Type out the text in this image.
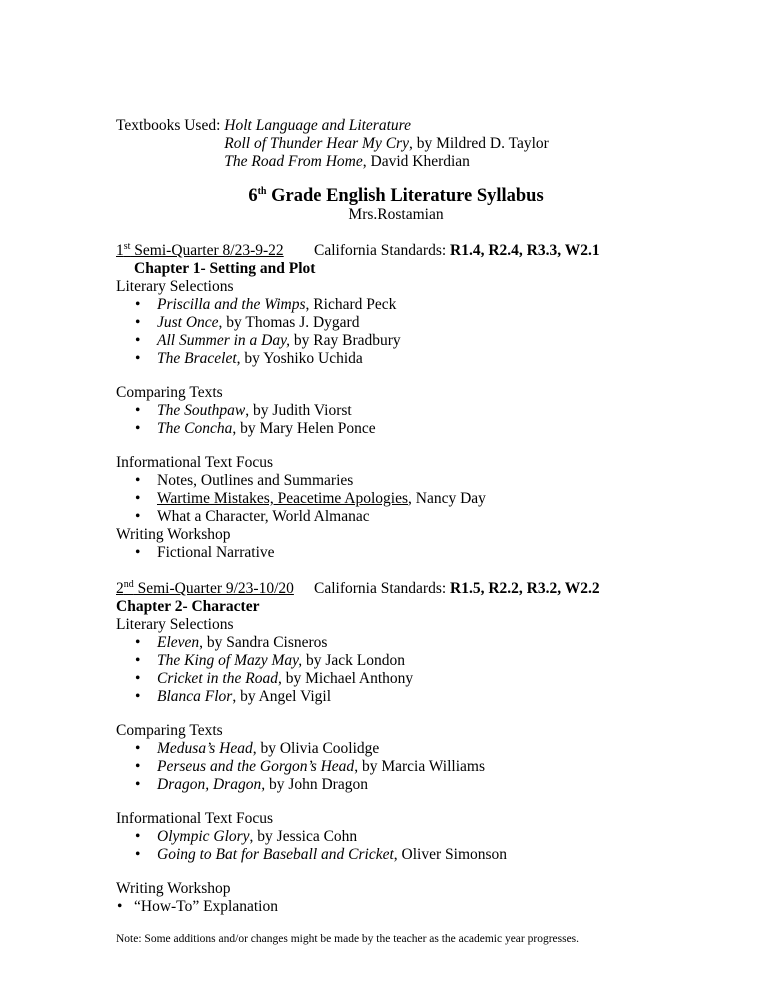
Textbooks Used:
Holt Language and Literature
Roll of Thunder Hear My Cry, by Mildred D. Taylor
The Road From Home, David Kherdian
6th Grade English Literature Syllabus
Mrs.Rostamian
1st Semi-Quarter 8/23-9-22	California Standards: R1.4, R2.4, R3.3, W2.1
Chapter 1- Setting and Plot
Literary Selections
• Priscilla and the Wimps, Richard Peck
• Just Once, by Thomas J. Dygard
• All Summer in a Day, by Ray Bradbury
• The Bracelet, by Yoshiko Uchida
Comparing Texts
• The Southpaw, by Judith Viorst
• The Concha, by Mary Helen Ponce
Informational Text Focus
• Notes, Outlines and Summaries
• Wartime Mistakes, Peacetime Apologies, Nancy Day
• What a Character, World Almanac
Writing Workshop
• Fictional Narrative
2nd Semi-Quarter 9/23-10/20	California Standards: R1.5, R2.2, R3.2, W2.2
Chapter 2- Character
Literary Selections
• Eleven, by Sandra Cisneros
• The King of Mazy May, by Jack London
• Cricket in the Road, by Michael Anthony
• Blanca Flor, by Angel Vigil
Comparing Texts
• Medusa’s Head, by Olivia Coolidge
• Perseus and the Gorgon’s Head, by Marcia Williams
• Dragon, Dragon, by John Dragon
Informational Text Focus
• Olympic Glory, by Jessica Cohn
• Going to Bat for Baseball and Cricket, Oliver Simonson
Writing Workshop
• “How-To” Explanation
Note: Some additions and/or changes might be made by the teacher as the academic year progresses.
